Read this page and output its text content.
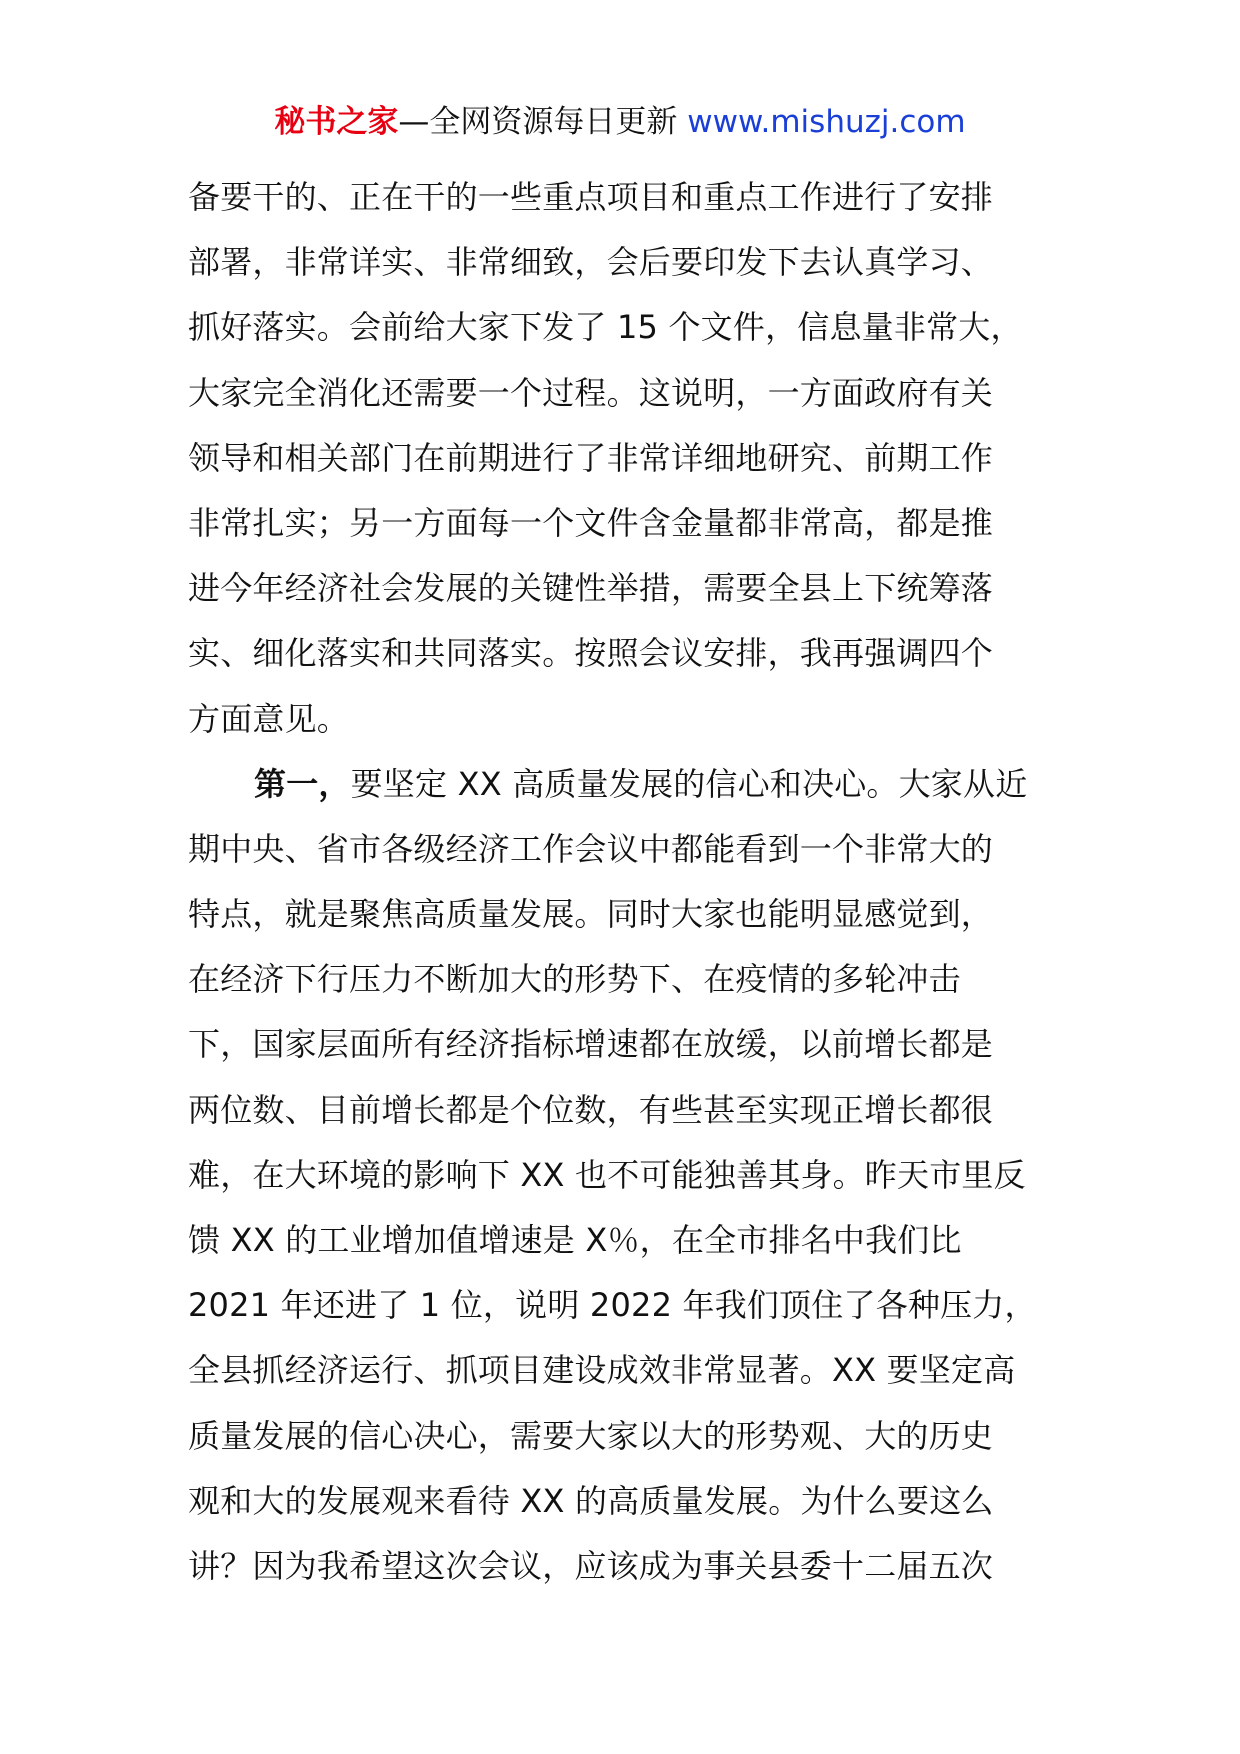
秘书之家—全网资源每日更新 www.mishuzj.com
备要干的、正在干的一些重点项目和重点工作进行了安排
部署，非常详实、非常细致，会后要印发下去认真学习、
抓好落实。会前给大家下发了 15 个文件，信息量非常大，
大家完全消化还需要一个过程。这说明，一方面政府有关
领导和相关部门在前期进行了非常详细地研究、前期工作
非常扎实；另一方面每一个文件含金量都非常高，都是推
进今年经济社会发展的关键性举措，需要全县上下统筹落
实、细化落实和共同落实。按照会议安排，我再强调四个
方面意见。
第一，要坚定 XX 高质量发展的信心和决心。大家从近
期中央、省市各级经济工作会议中都能看到一个非常大的
特点，就是聚焦高质量发展。同时大家也能明显感觉到，
在经济下行压力不断加大的形势下、在疫情的多轮冲击
下，国家层面所有经济指标增速都在放缓，以前增长都是
两位数、目前增长都是个位数，有些甚至实现正增长都很
难，在大环境的影响下 XX 也不可能独善其身。昨天市里反
馈 XX 的工业增加值增速是 X％，在全市排名中我们比
2021 年还进了 1 位，说明 2022 年我们顶住了各种压力，
全县抓经济运行、抓项目建设成效非常显著。XX 要坚定高
质量发展的信心决心，需要大家以大的形势观、大的历史
观和大的发展观来看待 XX 的高质量发展。为什么要这么
讲？因为我希望这次会议，应该成为事关县委十二届五次
